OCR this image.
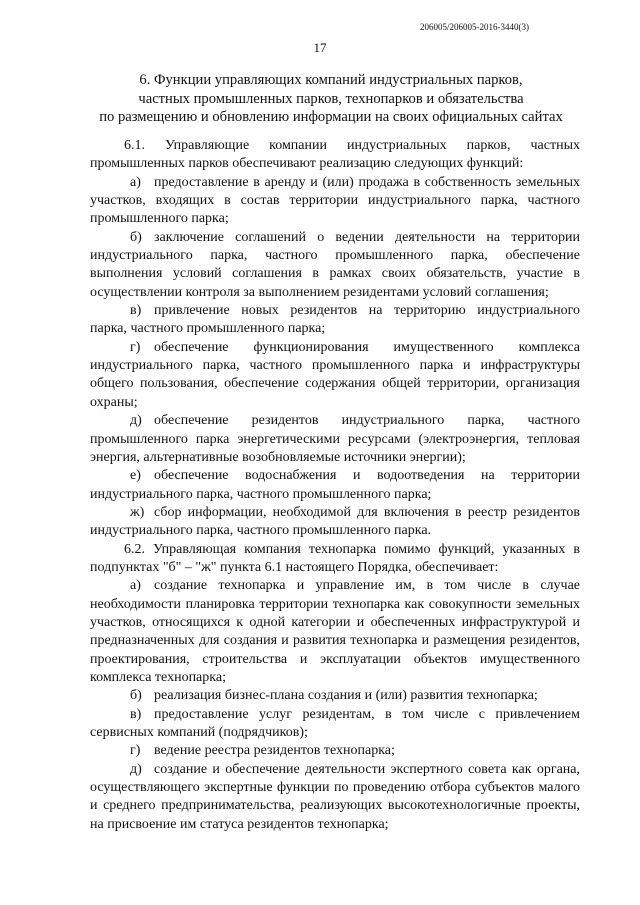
206005/206005-2016-3440(3)
17
6. Функции управляющих компаний индустриальных парков,
частных промышленных парков, технопарков и обязательства
по размещению и обновлению информации на своих официальных сайтах

6.1. Управляющие компании индустриальных парков, частных промышленных парков обеспечивают реализацию следующих функций:

а) предоставление в аренду и (или) продажа в собственность земельных участков, входящих в состав территории индустриального парка, частного промышленного парка;

б) заключение соглашений о ведении деятельности на территории индустриального парка, частного промышленного парка, обеспечение выполнения условий соглашения в рамках своих обязательств, участие в осуществлении контроля за выполнением резидентами условий соглашения;

в) привлечение новых резидентов на территорию индустриального парка, частного промышленного парка;

г) обеспечение функционирования имущественного комплекса индустриального парка, частного промышленного парка и инфраструктуры общего пользования, обеспечение содержания общей территории, организация охраны;

д) обеспечение резидентов индустриального парка, частного промышленного парка энергетическими ресурсами (электроэнергия, тепловая энергия, альтернативные возобновляемые источники энергии);

е) обеспечение водоснабжения и водоотведения на территории индустриального парка, частного промышленного парка;

ж) сбор информации, необходимой для включения в реестр резидентов индустриального парка, частного промышленного парка.

6.2. Управляющая компания технопарка помимо функций, указанных в подпунктах "б" – "ж" пункта 6.1 настоящего Порядка, обеспечивает:

а) создание технопарка и управление им, в том числе в случае необходимости планировка территории технопарка как совокупности земельных участков, относящихся к одной категории и обеспеченных инфраструктурой и предназначенных для создания и развития технопарка и размещения резидентов, проектирования, строительства и эксплуатации объектов имущественного комплекса технопарка;

б) реализация бизнес-плана создания и (или) развития технопарка;

в) предоставление услуг резидентам, в том числе с привлечением сервисных компаний (подрядчиков);

г) ведение реестра резидентов технопарка;

д) создание и обеспечение деятельности экспертного совета как органа, осуществляющего экспертные функции по проведению отбора субъектов малого и среднего предпринимательства, реализующих высокотехнологичные проекты, на присвоение им статуса резидентов технопарка;
